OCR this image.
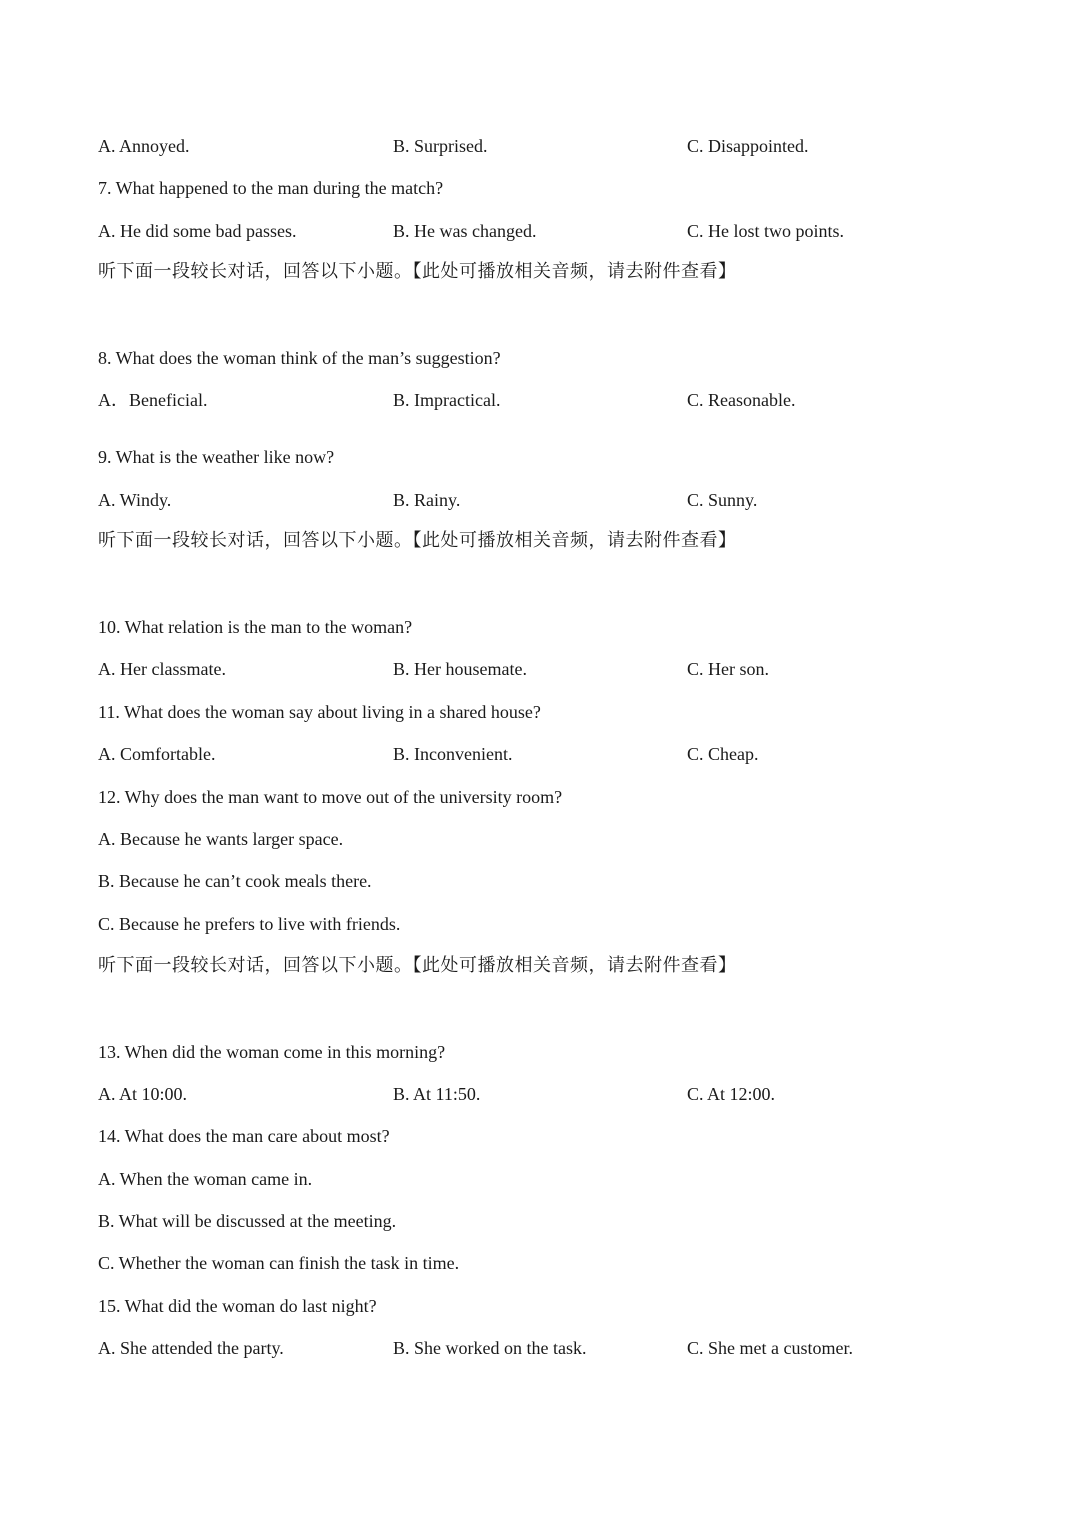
A. Annoyed.	B. Surprised.	C. Disappointed.
7. What happened to the man during the match?
A. He did some bad passes.	B. He was changed.	C. He lost two points.
听下面一段较长对话，回答以下小题。【此处可播放相关音频，请去附件查看】
8. What does the woman think of the man’s suggestion?
A．Beneficial.	B. Impractical.	C. Reasonable.
9. What is the weather like now?
A. Windy.	B. Rainy.	C. Sunny.
听下面一段较长对话，回答以下小题。【此处可播放相关音频，请去附件查看】
10. What relation is the man to the woman?
A. Her classmate.	B. Her housemate.	C. Her son.
11. What does the woman say about living in a shared house?
A. Comfortable.	B. Inconvenient.	C. Cheap.
12. Why does the man want to move out of the university room?
A. Because he wants larger space.
B. Because he can’t cook meals there.
C. Because he prefers to live with friends.
听下面一段较长对话，回答以下小题。【此处可播放相关音频，请去附件查看】
13. When did the woman come in this morning?
A. At 10:00.	B. At 11:50.	C. At 12:00.
14. What does the man care about most?
A. When the woman came in.
B. What will be discussed at the meeting.
C. Whether the woman can finish the task in time.
15. What did the woman do last night?
A. She attended the party.	B. She worked on the task.	C. She met a customer.
